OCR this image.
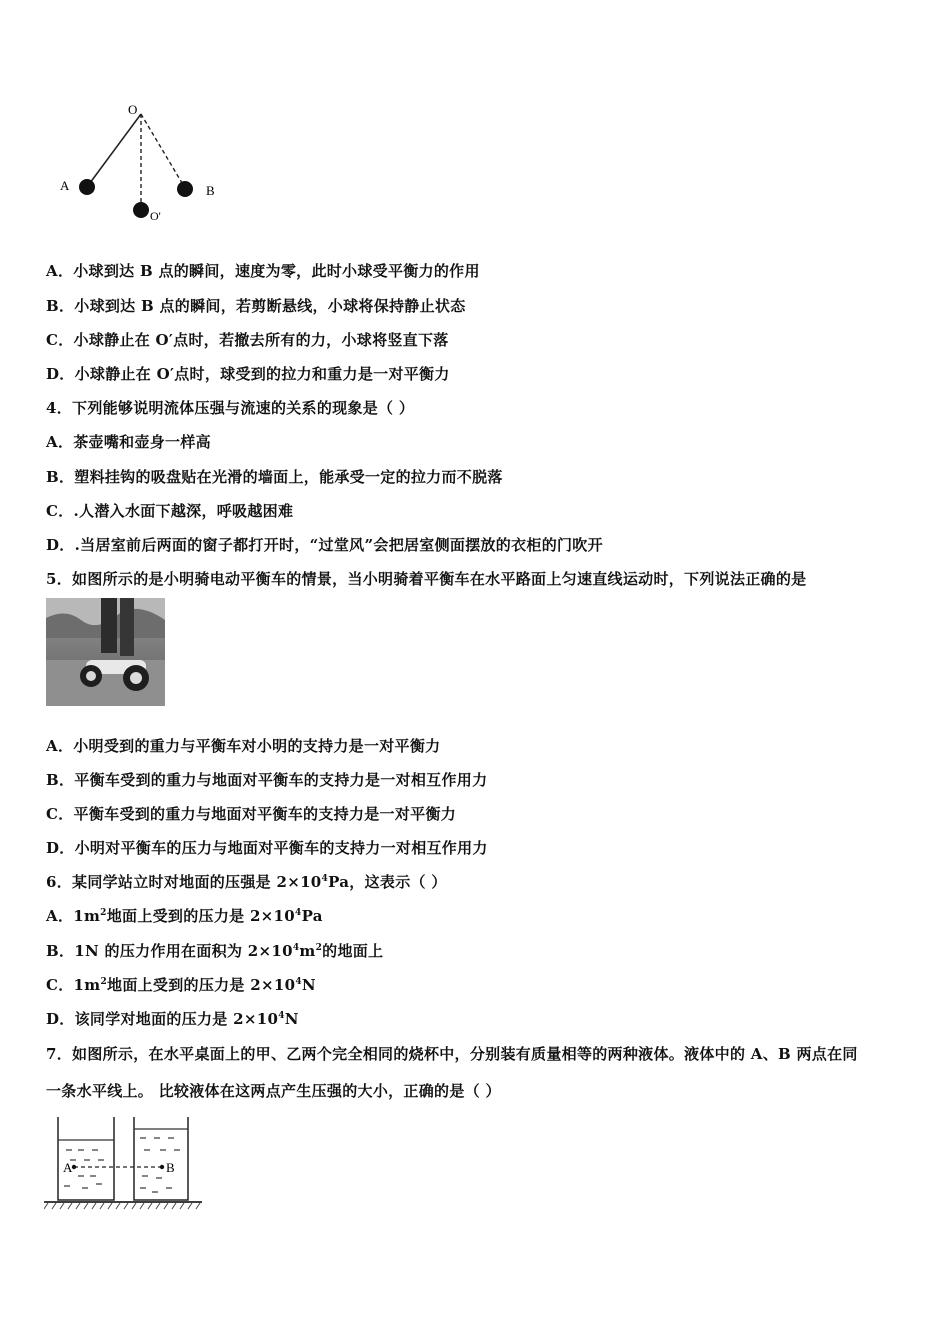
O
A	B
O'
A．小球到达 B 点的瞬间，速度为零，此时小球受平衡力的作用
B．小球到达 B 点的瞬间，若剪断悬线，小球将保持静止状态
C．小球静止在 O′点时，若撤去所有的力，小球将竖直下落
D．小球静止在 O′点时，球受到的拉力和重力是一对平衡力
4．下列能够说明流体压强与流速的关系的现象是（ ）
A．茶壶嘴和壶身一样高
B．塑料挂钩的吸盘贴在光滑的墙面上，能承受一定的拉力而不脱落
C．.人潜入水面下越深，呼吸越困难
D．.当居室前后两面的窗子都打开时，“过堂风”会把居室侧面摆放的衣柜的门吹开
5．如图所示的是小明骑电动平衡车的情景，当小明骑着平衡车在水平路面上匀速直线运动时，下列说法正确的是
A．小明受到的重力与平衡车对小明的支持力是一对平衡力
B．平衡车受到的重力与地面对平衡车的支持力是一对相互作用力
C．平衡车受到的重力与地面对平衡车的支持力是一对平衡力
D．小明对平衡车的压力与地面对平衡车的支持力一对相互作用力
6．某同学站立时对地面的压强是 $2\times 10^4Pa$，这表示（ ）
A．$1m^2$地面上受到的压力是 $2\times 10^4Pa$
B．1N 的压力作用在面积为 $2\times 10^4m^2$的地面上
C．$1m^2$地面上受到的压力是 $2\times 10^4N$
D．该同学对地面的压力是 $2\times 10^4N$
7．如图所示，在水平桌面上的甲、乙两个完全相同的烧杯中，分别装有质量相等的两种液体。液体中的 A、B 两点在同
一条水平线上。 比较液体在这两点产生压强的大小，正确的是（ ）
A	B
